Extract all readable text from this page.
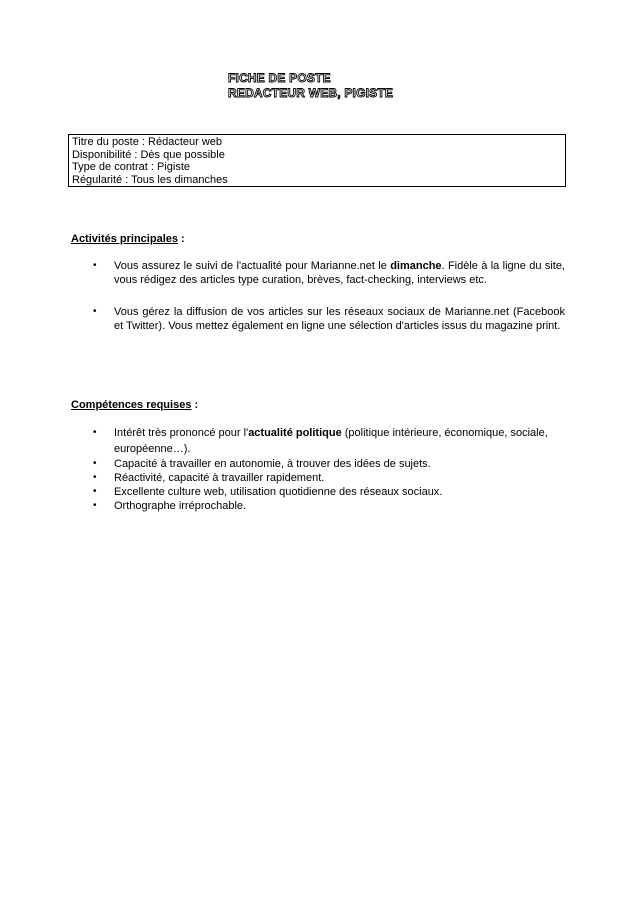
FICHE DE POSTE
REDACTEUR WEB, PIGISTE
Titre du poste : Rédacteur web
Disponibilité : Dès que possible
Type de contrat : Pigiste
Régularité : Tous les dimanches
Activités principales :
• Vous assurez le suivi de l'actualité pour Marianne.net le dimanche. Fidèle à la ligne du site, vous rédigez des articles type curation, brèves, fact-checking, interviews etc.
• Vous gérez la diffusion de vos articles sur les réseaux sociaux de Marianne.net (Facebook et Twitter). Vous mettez également en ligne une sélection d'articles issus du magazine print.
Compétences requises :
• Intérêt très prononcé pour l'actualité politique (politique intérieure, économique, sociale, européenne…).
• Capacité à travailler en autonomie, à trouver des idées de sujets.
• Réactivité, capacité à travailler rapidement.
• Excellente culture web, utilisation quotidienne des réseaux sociaux.
• Orthographe irréprochable.
